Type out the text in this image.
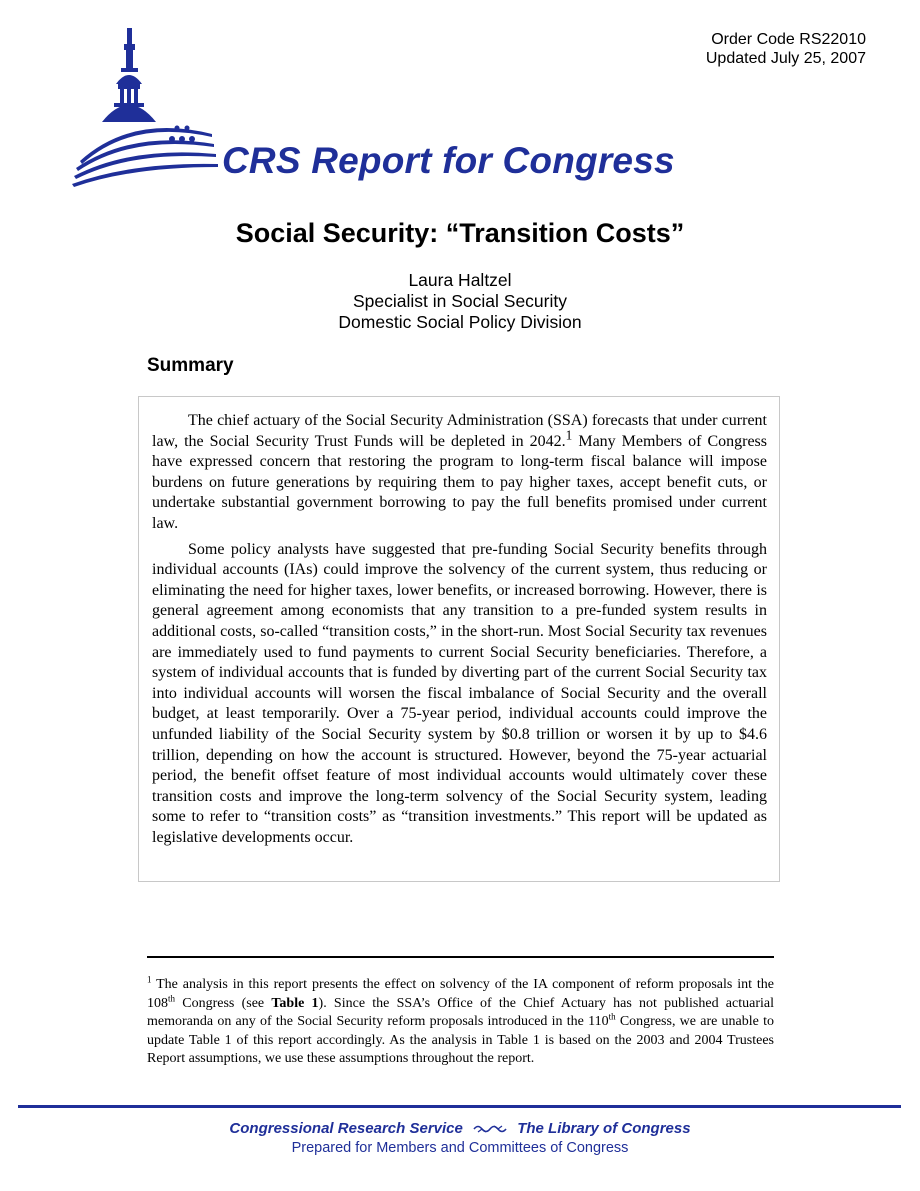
Order Code RS22010
Updated July 25, 2007
CRS Report for Congress
Social Security: “Transition Costs”
Laura Haltzel
Specialist in Social Security
Domestic Social Policy Division
Summary

The chief actuary of the Social Security Administration (SSA) forecasts that under current law, the Social Security Trust Funds will be depleted in 2042.$^1$ Many Members of Congress have expressed concern that restoring the program to long-term fiscal balance will impose burdens on future generations by requiring them to pay higher taxes, accept benefit cuts, or undertake substantial government borrowing to pay the full benefits promised under current law.

Some policy analysts have suggested that pre-funding Social Security benefits through individual accounts (IAs) could improve the solvency of the current system, thus reducing or eliminating the need for higher taxes, lower benefits, or increased borrowing. However, there is general agreement among economists that any transition to a pre-funded system results in additional costs, so-called “transition costs,” in the short-run. Most Social Security tax revenues are immediately used to fund payments to current Social Security beneficiaries. Therefore, a system of individual accounts that is funded by diverting part of the current Social Security tax into individual accounts will worsen the fiscal imbalance of Social Security and the overall budget, at least temporarily. Over a 75-year period, individual accounts could improve the unfunded liability of the Social Security system by $0.8 trillion or worsen it by up to $4.6 trillion, depending on how the account is structured. However, beyond the 75-year actuarial period, the benefit offset feature of most individual accounts would ultimately cover these transition costs and improve the long-term solvency of the Social Security system, leading some to refer to “transition costs” as “transition investments.” This report will be updated as legislative developments occur.

$^1$ The analysis in this report presents the effect on solvency of the IA component of reform proposals int the 108th Congress (see Table 1). Since the SSA’s Office of the Chief Actuary has not published actuarial memoranda on any of the Social Security reform proposals introduced in the 110th Congress, we are unable to update Table 1 of this report accordingly. As the analysis in Table 1 is based on the 2003 and 2004 Trustees Report assumptions, we use these assumptions throughout the report.
Congressional Research Service	The Library of Congress
Prepared for Members and Committees of Congress
